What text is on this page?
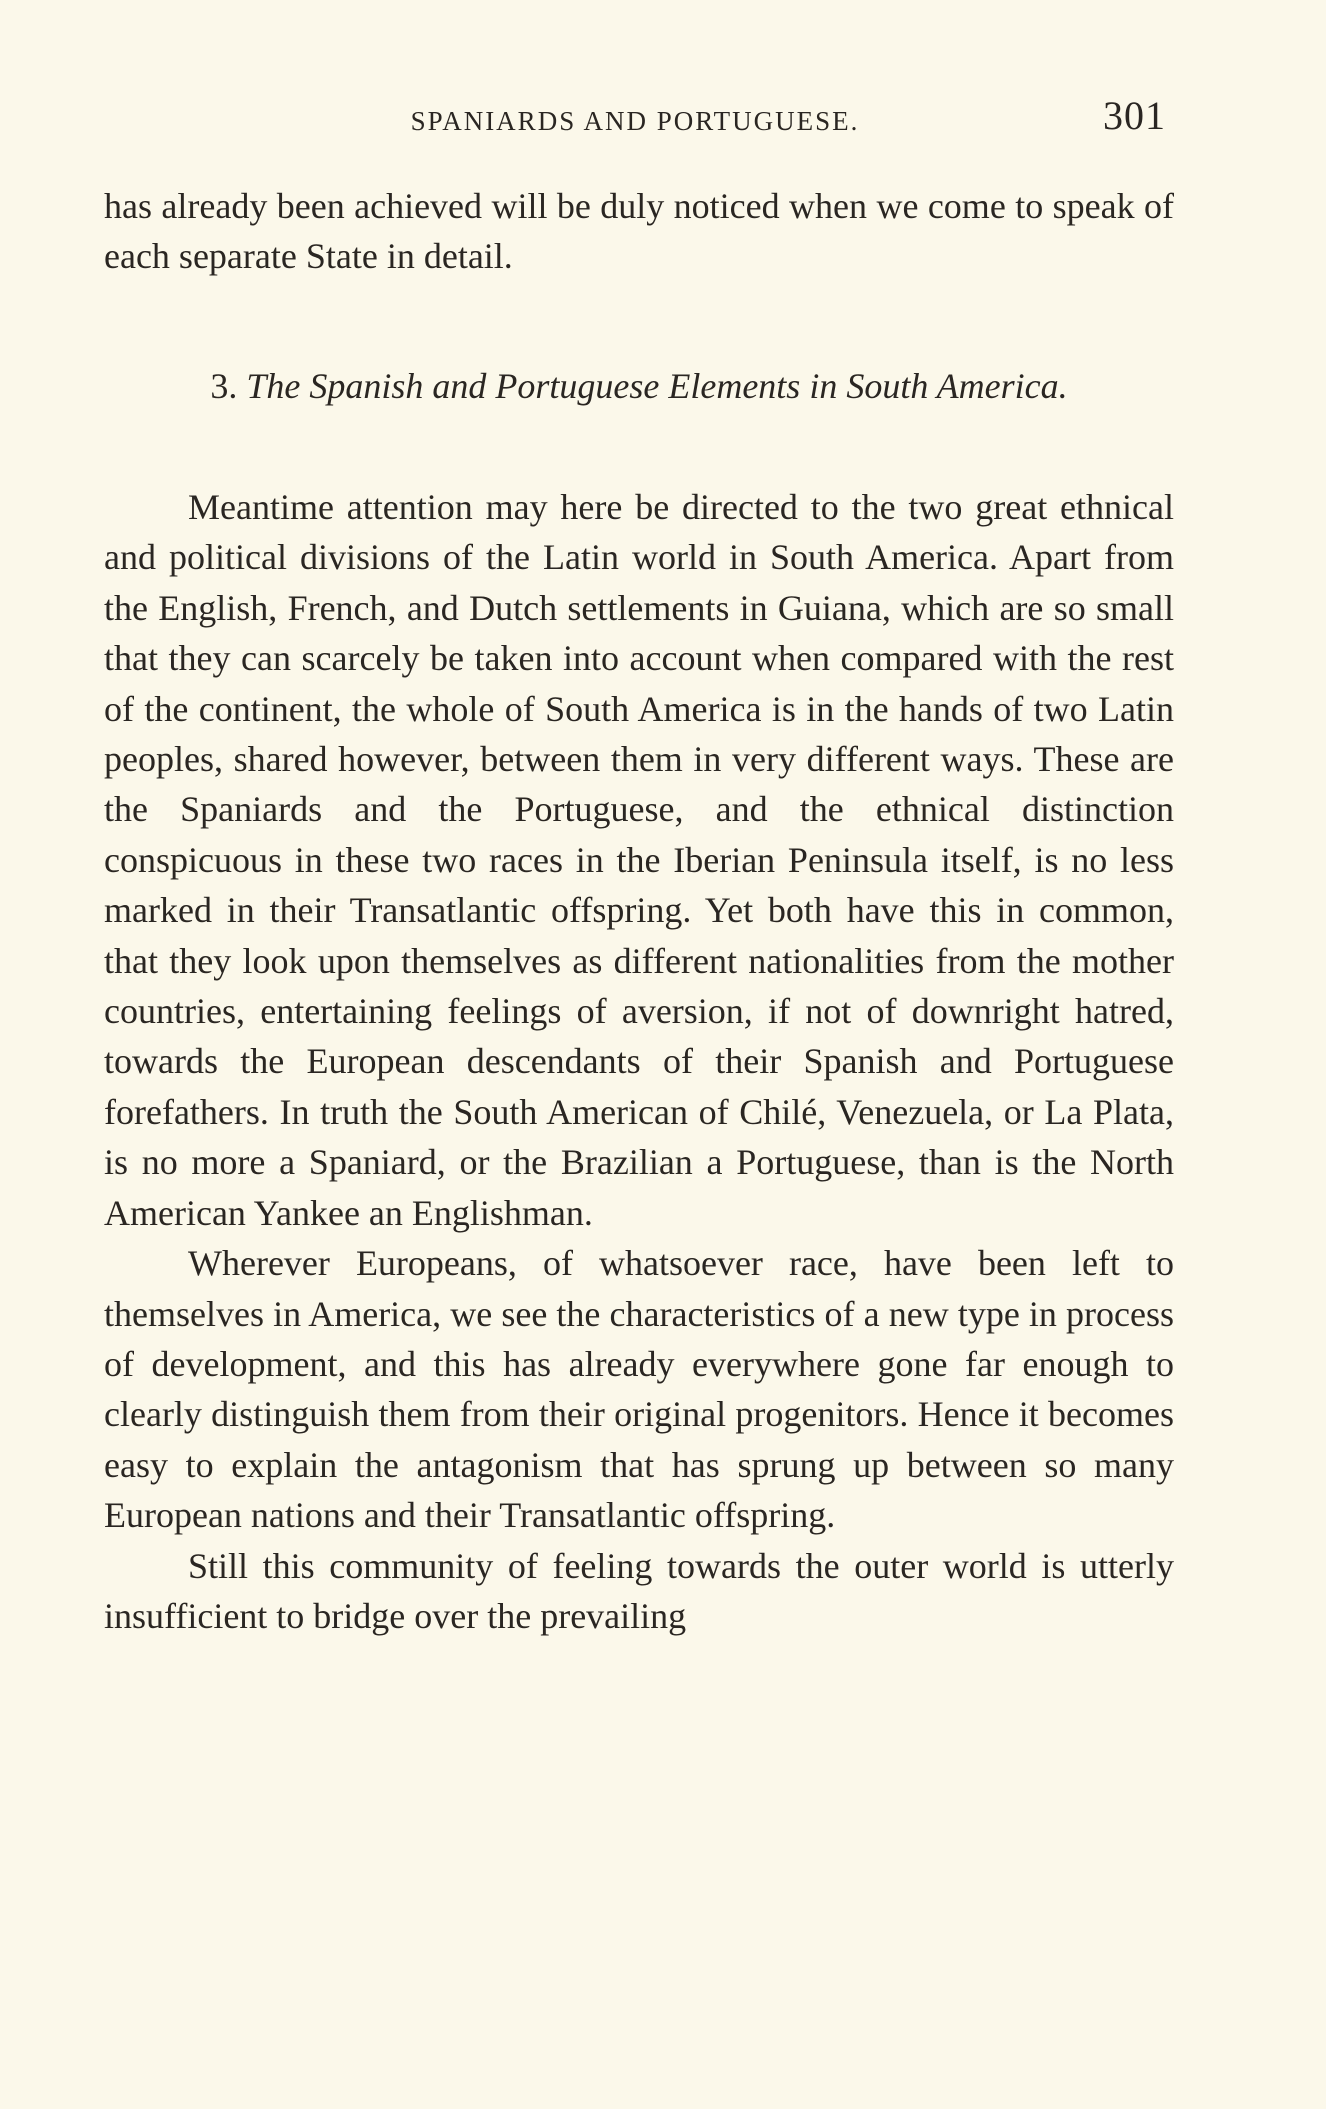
SPANIARDS AND PORTUGUESE.	301

has already been achieved will be duly noticed when we come to speak of each separate State in detail.

3. The Spanish and Portuguese Elements in South America.

Meantime attention may here be directed to the two great ethnical and political divisions of the Latin world in South America. Apart from the English, French, and Dutch settlements in Guiana, which are so small that they can scarcely be taken into account when compared with the rest of the continent, the whole of South America is in the hands of two Latin peoples, shared however, between them in very different ways. These are the Spaniards and the Portuguese, and the ethnical distinction conspicuous in these two races in the Iberian Peninsula itself, is no less marked in their Transatlantic offspring. Yet both have this in common, that they look upon themselves as different nationalities from the mother countries, entertaining feelings of aversion, if not of downright hatred, towards the European descendants of their Spanish and Portuguese forefathers. In truth the South American of Chilé, Venezuela, or La Plata, is no more a Spaniard, or the Brazilian a Portuguese, than is the North American Yankee an Englishman.

Wherever Europeans, of whatsoever race, have been left to themselves in America, we see the characteristics of a new type in process of development, and this has already everywhere gone far enough to clearly distinguish them from their original progenitors. Hence it becomes easy to explain the antagonism that has sprung up between so many European nations and their Transatlantic offspring.

Still this community of feeling towards the outer world is utterly insufficient to bridge over the prevailing
